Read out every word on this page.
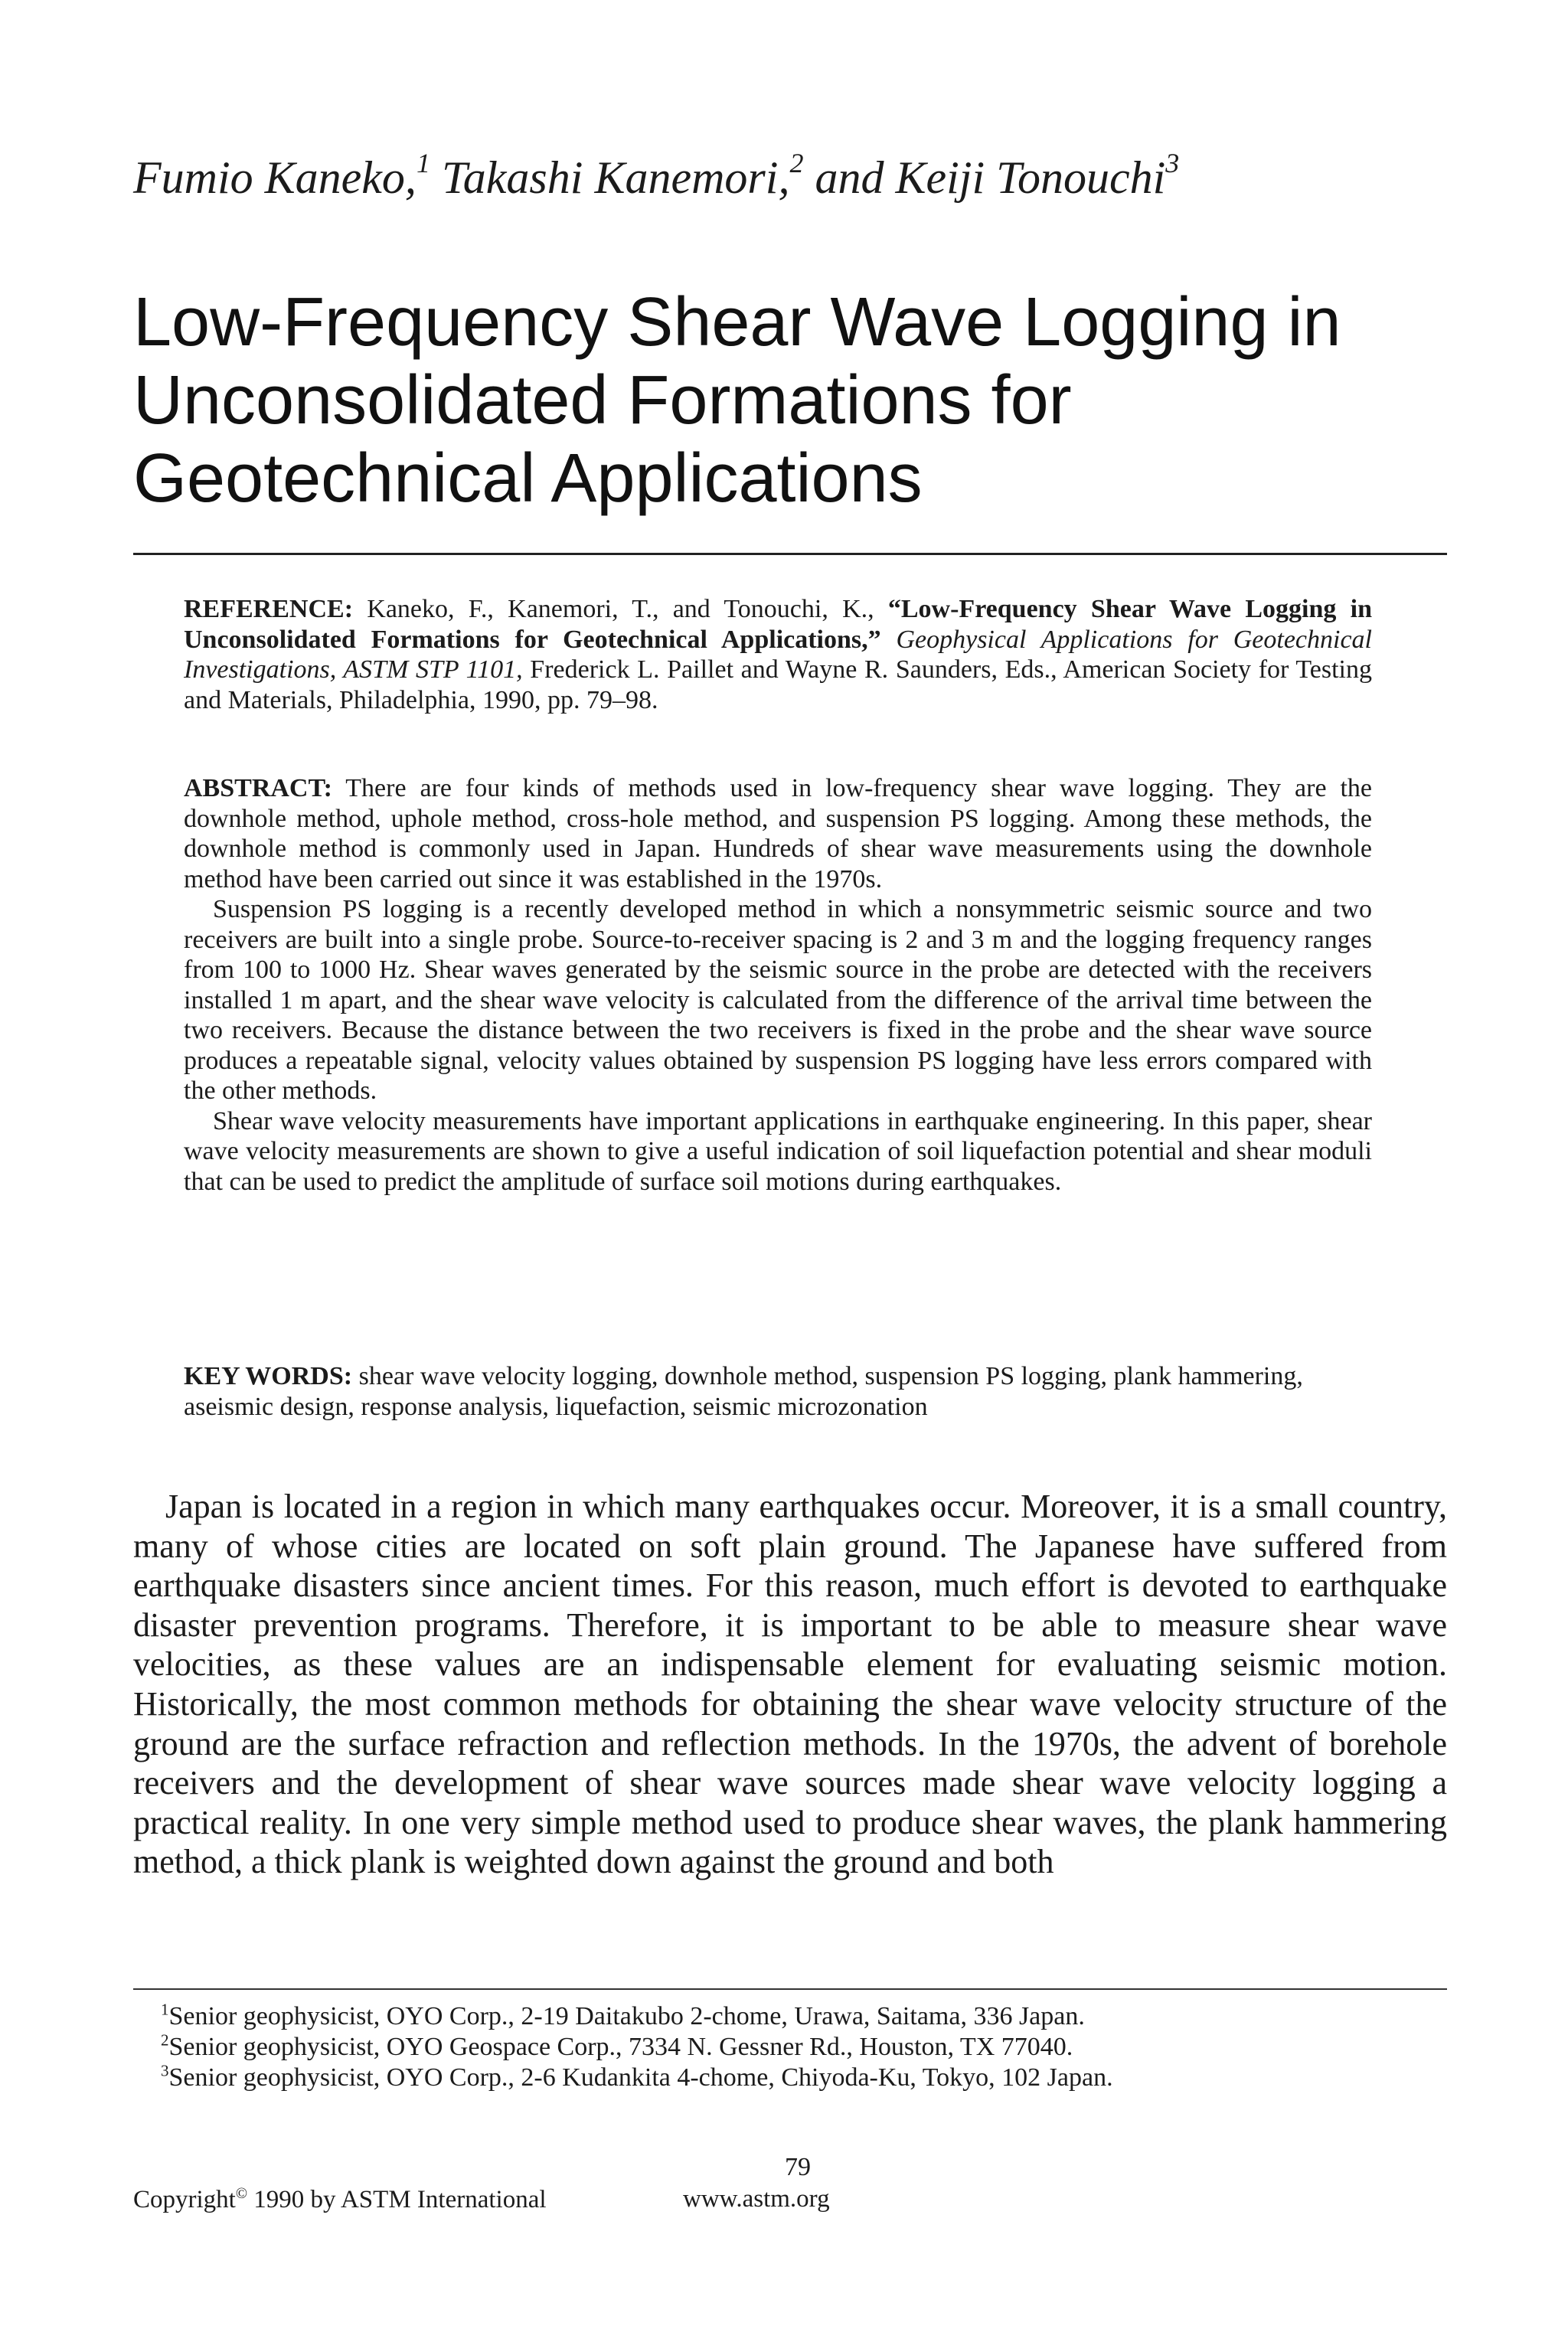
Fumio Kaneko,$^1$ Takashi Kanemori,$^2$ and Keiji Tonouchi$^3$
Low-Frequency Shear Wave Logging in Unconsolidated Formations for Geotechnical Applications
REFERENCE: Kaneko, F., Kanemori, T., and Tonouchi, K., “Low-Frequency Shear Wave Logging in Unconsolidated Formations for Geotechnical Applications,” Geophysical Applications for Geotechnical Investigations, ASTM STP 1101, Frederick L. Paillet and Wayne R. Saunders, Eds., American Society for Testing and Materials, Philadelphia, 1990, pp. 79–98.

ABSTRACT: There are four kinds of methods used in low-frequency shear wave logging. They are the downhole method, uphole method, cross-hole method, and suspension PS logging. Among these methods, the downhole method is commonly used in Japan. Hundreds of shear wave measurements using the downhole method have been carried out since it was established in the 1970s.

Suspension PS logging is a recently developed method in which a nonsymmetric seismic source and two receivers are built into a single probe. Source-to-receiver spacing is 2 and 3 m and the logging frequency ranges from 100 to 1000 Hz. Shear waves generated by the seismic source in the probe are detected with the receivers installed 1 m apart, and the shear wave velocity is calculated from the difference of the arrival time between the two receivers. Because the distance between the two receivers is fixed in the probe and the shear wave source produces a repeatable signal, velocity values obtained by suspension PS logging have less errors compared with the other methods.

Shear wave velocity measurements have important applications in earthquake engineering. In this paper, shear wave velocity measurements are shown to give a useful indication of soil liquefaction potential and shear moduli that can be used to predict the amplitude of surface soil motions during earthquakes.

KEY WORDS: shear wave velocity logging, downhole method, suspension PS logging, plank hammering, aseismic design, response analysis, liquefaction, seismic microzonation

Japan is located in a region in which many earthquakes occur. Moreover, it is a small country, many of whose cities are located on soft plain ground. The Japanese have suffered from earthquake disasters since ancient times. For this reason, much effort is devoted to earthquake disaster prevention programs. Therefore, it is important to be able to measure shear wave velocities, as these values are an indispensable element for evaluating seismic motion. Historically, the most common methods for obtaining the shear wave velocity structure of the ground are the surface refraction and reflection methods. In the 1970s, the advent of borehole receivers and the development of shear wave sources made shear wave velocity logging a practical reality. In one very simple method used to produce shear waves, the plank hammering method, a thick plank is weighted down against the ground and both

$^1$Senior geophysicist, OYO Corp., 2-19 Daitakubo 2-chome, Urawa, Saitama, 336 Japan.
$^2$Senior geophysicist, OYO Geospace Corp., 7334 N. Gessner Rd., Houston, TX 77040.
$^3$Senior geophysicist, OYO Corp., 2-6 Kudankita 4-chome, Chiyoda-Ku, Tokyo, 102 Japan.
79
Copyright© 1990 by ASTM International	www.astm.org
